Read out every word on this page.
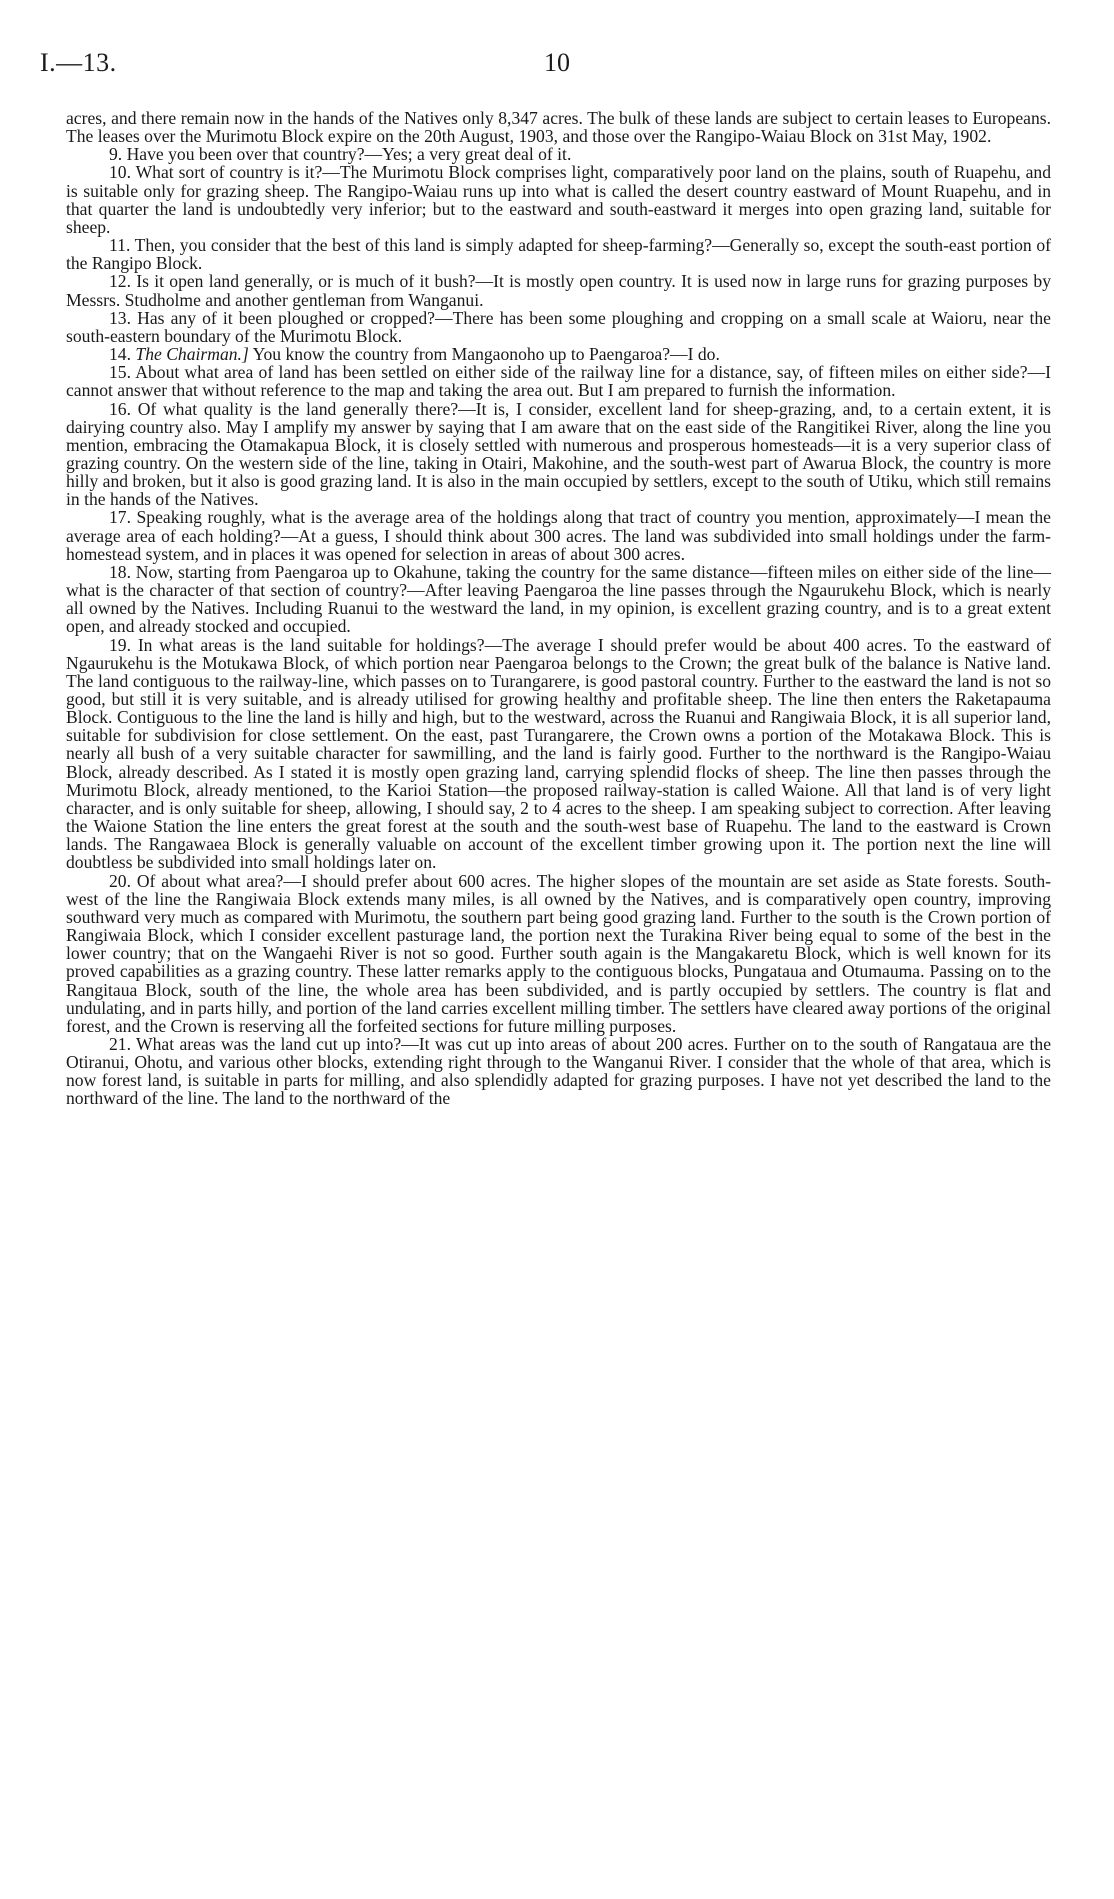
I.—13.	10

acres, and there remain now in the hands of the Natives only 8,347 acres. The bulk of these lands are subject to certain leases to Europeans. The leases over the Murimotu Block expire on the 20th August, 1903, and those over the Rangipo-Waiau Block on 31st May, 1902.

9. Have you been over that country?—Yes; a very great deal of it.

10. What sort of country is it?—The Murimotu Block comprises light, comparatively poor land on the plains, south of Ruapehu, and is suitable only for grazing sheep. The Rangipo-Waiau runs up into what is called the desert country eastward of Mount Ruapehu, and in that quarter the land is undoubtedly very inferior; but to the eastward and south-eastward it merges into open grazing land, suitable for sheep.

11. Then, you consider that the best of this land is simply adapted for sheep-farming?—Generally so, except the south-east portion of the Rangipo Block.

12. Is it open land generally, or is much of it bush?—It is mostly open country. It is used now in large runs for grazing purposes by Messrs. Studholme and another gentleman from Wanganui.

13. Has any of it been ploughed or cropped?—There has been some ploughing and cropping on a small scale at Waioru, near the south-eastern boundary of the Murimotu Block.

14. The Chairman.] You know the country from Mangaonoho up to Paengaroa?—I do.

15. About what area of land has been settled on either side of the railway line for a distance, say, of fifteen miles on either side?—I cannot answer that without reference to the map and taking the area out. But I am prepared to furnish the information.

16. Of what quality is the land generally there?—It is, I consider, excellent land for sheep-grazing, and, to a certain extent, it is dairying country also. May I amplify my answer by saying that I am aware that on the east side of the Rangitikei River, along the line you mention, embracing the Otamakapua Block, it is closely settled with numerous and prosperous homesteads—it is a very superior class of grazing country. On the western side of the line, taking in Otairi, Makohine, and the south-west part of Awarua Block, the country is more hilly and broken, but it also is good grazing land. It is also in the main occupied by settlers, except to the south of Utiku, which still remains in the hands of the Natives.

17. Speaking roughly, what is the average area of the holdings along that tract of country you mention, approximately—I mean the average area of each holding?—At a guess, I should think about 300 acres. The land was subdivided into small holdings under the farm-homestead system, and in places it was opened for selection in areas of about 300 acres.

18. Now, starting from Paengaroa up to Okahune, taking the country for the same distance—fifteen miles on either side of the line—what is the character of that section of country?—After leaving Paengaroa the line passes through the Ngaurukehu Block, which is nearly all owned by the Natives. Including Ruanui to the westward the land, in my opinion, is excellent grazing country, and is to a great extent open, and already stocked and occupied.

19. In what areas is the land suitable for holdings?—The average I should prefer would be about 400 acres. To the eastward of Ngaurukehu is the Motukawa Block, of which portion near Paengaroa belongs to the Crown; the great bulk of the balance is Native land. The land contiguous to the railway-line, which passes on to Turangarere, is good pastoral country. Further to the eastward the land is not so good, but still it is very suitable, and is already utilised for growing healthy and profitable sheep. The line then enters the Raketapauma Block. Contiguous to the line the land is hilly and high, but to the westward, across the Ruanui and Rangiwaia Block, it is all superior land, suitable for subdivision for close settlement. On the east, past Turangarere, the Crown owns a portion of the Motakawa Block. This is nearly all bush of a very suitable character for sawmilling, and the land is fairly good. Further to the northward is the Rangipo-Waiau Block, already described. As I stated it is mostly open grazing land, carrying splendid flocks of sheep. The line then passes through the Murimotu Block, already mentioned, to the Karioi Station—the proposed railway-station is called Waione. All that land is of very light character, and is only suitable for sheep, allowing, I should say, 2 to 4 acres to the sheep. I am speaking subject to correction. After leaving the Waione Station the line enters the great forest at the south and the south-west base of Ruapehu. The land to the eastward is Crown lands. The Rangawaea Block is generally valuable on account of the excellent timber growing upon it. The portion next the line will doubtless be subdivided into small holdings later on.

20. Of about what area?—I should prefer about 600 acres. The higher slopes of the mountain are set aside as State forests. South-west of the line the Rangiwaia Block extends many miles, is all owned by the Natives, and is comparatively open country, improving southward very much as compared with Murimotu, the southern part being good grazing land. Further to the south is the Crown portion of Rangiwaia Block, which I consider excellent pasturage land, the portion next the Turakina River being equal to some of the best in the lower country; that on the Wangaehi River is not so good. Further south again is the Mangakaretu Block, which is well known for its proved capabilities as a grazing country. These latter remarks apply to the contiguous blocks, Pungataua and Otumauma. Passing on to the Rangitaua Block, south of the line, the whole area has been subdivided, and is partly occupied by settlers. The country is flat and undulating, and in parts hilly, and portion of the land carries excellent milling timber. The settlers have cleared away portions of the original forest, and the Crown is reserving all the forfeited sections for future milling purposes.

21. What areas was the land cut up into?—It was cut up into areas of about 200 acres. Further on to the south of Rangataua are the Otiranui, Ohotu, and various other blocks, extending right through to the Wanganui River. I consider that the whole of that area, which is now forest land, is suitable in parts for milling, and also splendidly adapted for grazing purposes. I have not yet described the land to the northward of the line. The land to the northward of the
